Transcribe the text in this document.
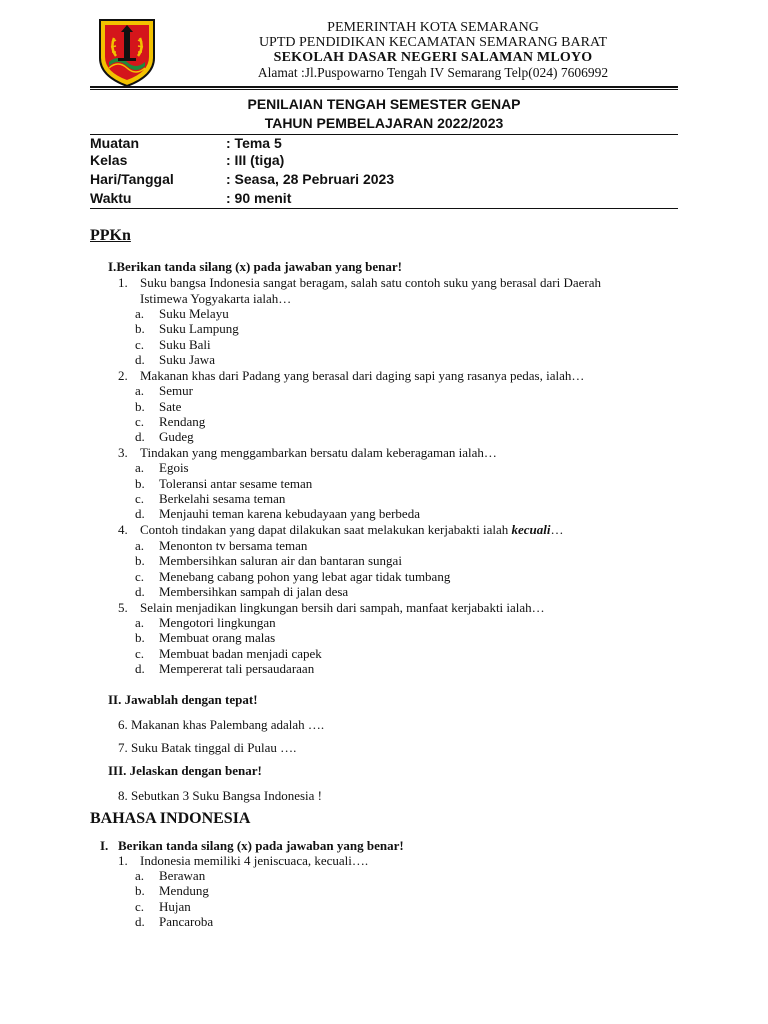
PEMERINTAH KOTA SEMARANG
UPTD PENDIDIKAN KECAMATAN SEMARANG BARAT
SEKOLAH DASAR NEGERI SALAMAN MLOYO
Alamat :Jl.Puspowarno Tengah IV Semarang Telp(024) 7606992
PENILAIAN TENGAH SEMESTER GENAP
TAHUN PEMBELAJARAN 2022/2023
Muatan	: Tema 5
Kelas	: III (tiga)
Hari/Tanggal	: Seasa, 28 Pebruari 2023
Waktu	: 90 menit
PPKn
I.Berikan tanda silang (x) pada jawaban yang benar!
1. Suku bangsa Indonesia sangat beragam, salah satu contoh suku yang berasal dari Daerah
Istimewa Yogyakarta ialah…
a. Suku Melayu
b. Suku Lampung
c. Suku Bali
d. Suku Jawa
2. Makanan khas dari Padang yang berasal dari daging sapi yang rasanya pedas, ialah…
a. Semur
b. Sate
c. Rendang
d. Gudeg
3. Tindakan yang menggambarkan bersatu dalam keberagaman ialah…
a. Egois
b. Toleransi antar sesame teman
c. Berkelahi sesama teman
d. Menjauhi teman karena kebudayaan yang berbeda
4. Contoh tindakan yang dapat dilakukan saat melakukan kerjabakti ialah kecuali…
a. Menonton tv bersama teman
b. Membersihkan saluran air dan bantaran sungai
c. Menebang cabang pohon yang lebat agar tidak tumbang
d. Membersihkan sampah di jalan desa
5. Selain menjadikan lingkungan bersih dari sampah, manfaat kerjabakti ialah…
a. Mengotori lingkungan
b. Membuat orang malas
c. Membuat badan menjadi capek
d. Mempererat tali persaudaraan
II. Jawablah dengan tepat!
6. Makanan khas Palembang adalah ….
7. Suku Batak tinggal di Pulau ….
III. Jelaskan dengan benar!
8. Sebutkan 3 Suku Bangsa Indonesia !
BAHASA INDONESIA
I. Berikan tanda silang (x) pada jawaban yang benar!
1. Indonesia memiliki 4 jeniscuaca, kecuali….
a. Berawan
b. Mendung
c. Hujan
d. Pancaroba
